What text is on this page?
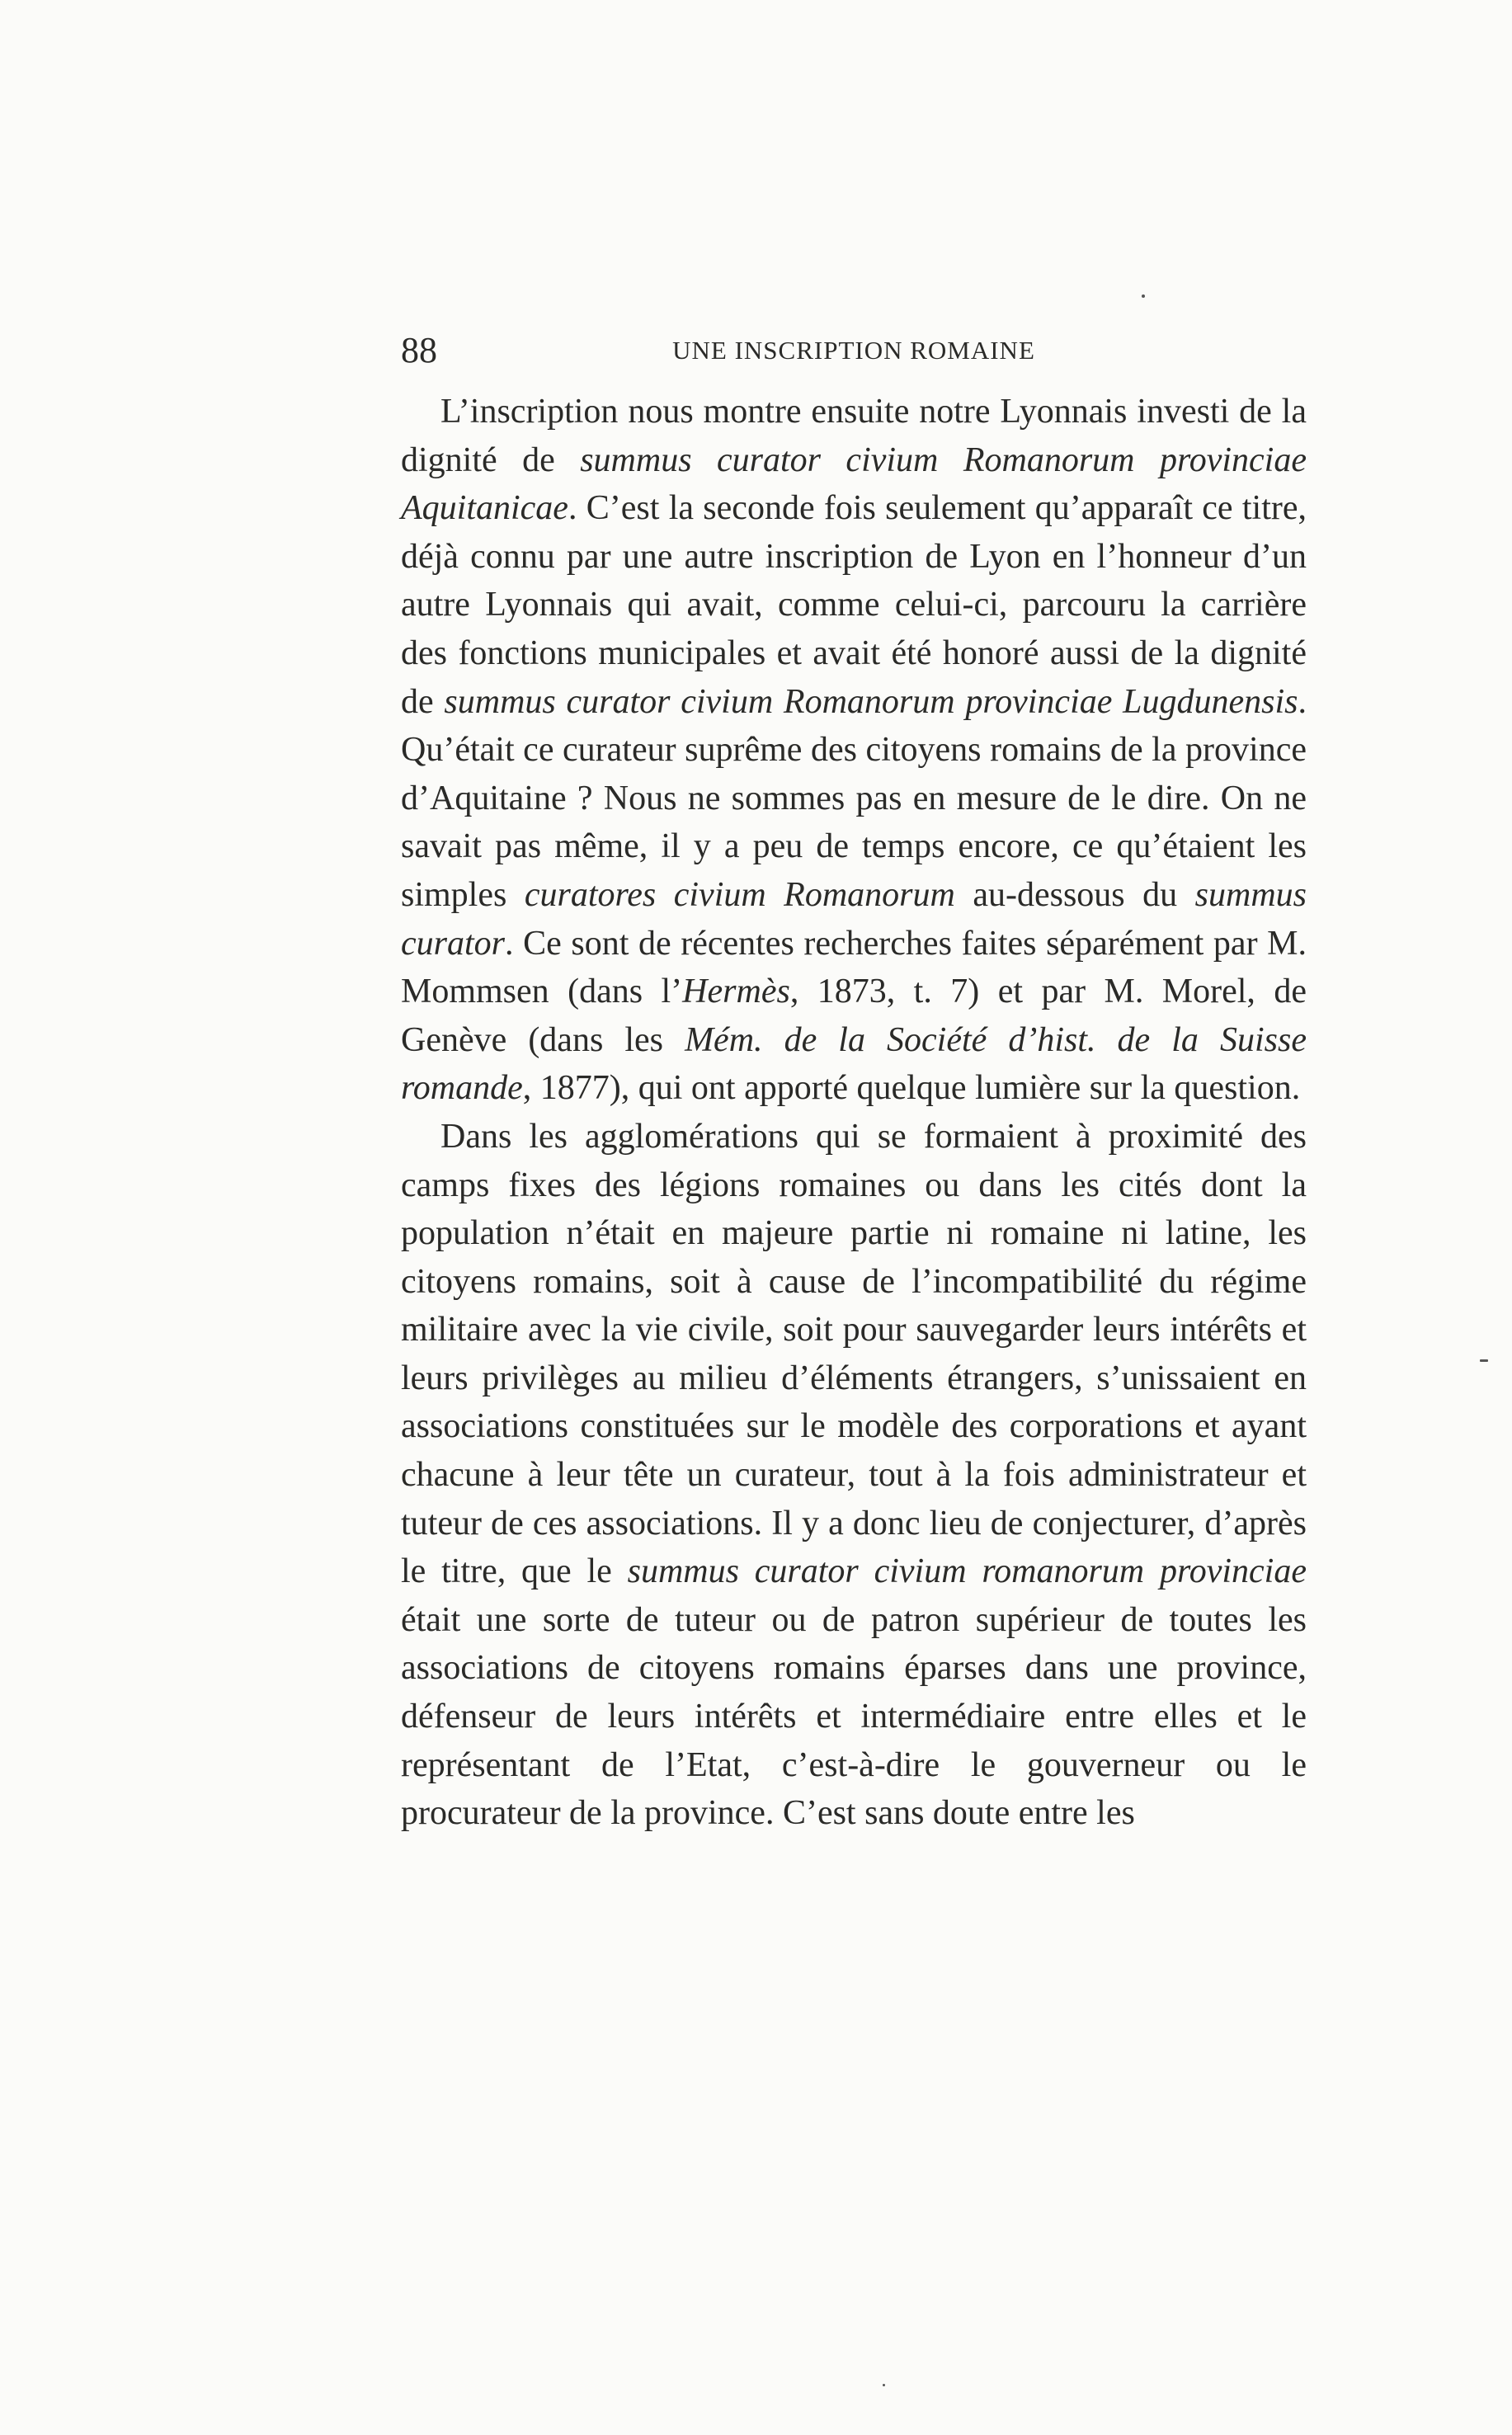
88	UNE INSCRIPTION ROMAINE

L’inscription nous montre ensuite notre Lyonnais investi de la dignité de summus curator civium Romanorum provinciae Aquitanicae. C’est la seconde fois seulement qu’apparaît ce titre, déjà connu par une autre inscription de Lyon en l’honneur d’un autre Lyonnais qui avait, comme celui-ci, parcouru la carrière des fonctions municipales et avait été honoré aussi de la dignité de summus curator civium Romanorum provinciae Lugdunensis. Qu’était ce curateur suprême des citoyens romains de la province d’Aquitaine ? Nous ne sommes pas en mesure de le dire. On ne savait pas même, il y a peu de temps encore, ce qu’étaient les simples curatores civium Romanorum au-dessous du summus curator. Ce sont de récentes recherches faites séparément par M. Mommsen (dans l’Hermès, 1873, t. 7) et par M. Morel, de Genève (dans les Mém. de la Société d’hist. de la Suisse romande, 1877), qui ont apporté quelque lumière sur la question.

Dans les agglomérations qui se formaient à proximité des camps fixes des légions romaines ou dans les cités dont la population n’était en majeure partie ni romaine ni latine, les citoyens romains, soit à cause de l’incompatibilité du régime militaire avec la vie civile, soit pour sauvegarder leurs intérêts et leurs privilèges au milieu d’éléments étrangers, s’unissaient en associations constituées sur le modèle des corporations et ayant chacune à leur tête un curateur, tout à la fois administrateur et tuteur de ces associations. Il y a donc lieu de conjecturer, d’après le titre, que le summus curator civium romanorum provinciae était une sorte de tuteur ou de patron supérieur de toutes les associations de citoyens romains éparses dans une province, défenseur de leurs intérêts et intermédiaire entre elles et le représentant de l’Etat, c’est-à-dire le gouverneur ou le procurateur de la province. C’est sans doute entre les
